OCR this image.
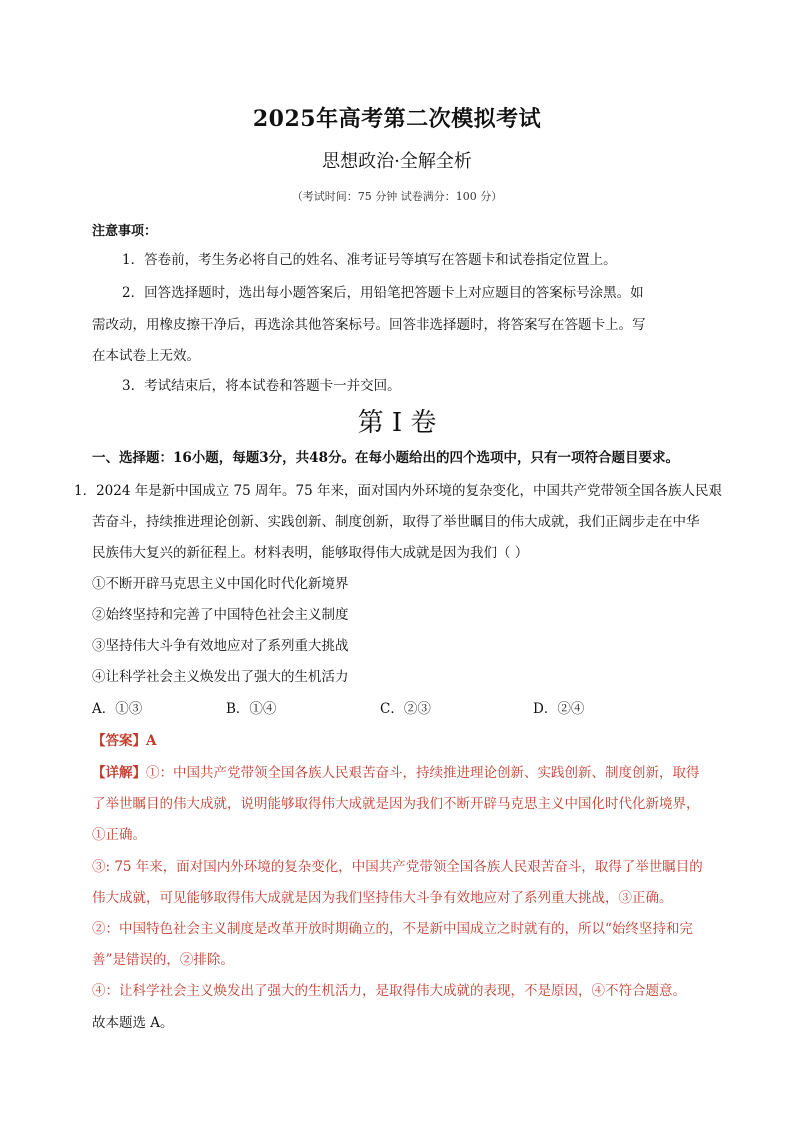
2025年高考第二次模拟考试
思想政治·全解全析
（考试时间：75 分钟 试卷满分：100 分）
注意事项：
1．答卷前，考生务必将自己的姓名、准考证号等填写在答题卡和试卷指定位置上。
2．回答选择题时，选出每小题答案后，用铅笔把答题卡上对应题目的答案标号涂黑。如
需改动，用橡皮擦干净后，再选涂其他答案标号。回答非选择题时，将答案写在答题卡上。写
在本试卷上无效。
3．考试结束后，将本试卷和答题卡一并交回。
第 I 卷
一、选择题：16小题，每题3分，共48分。在每小题给出的四个选项中，只有一项符合题目要求。
1．2024 年是新中国成立 75 周年。75 年来，面对国内外环境的复杂变化，中国共产党带领全国各族人民艰
苦奋斗，持续推进理论创新、实践创新、制度创新，取得了举世瞩目的伟大成就，我们正阔步走在中华
民族伟大复兴的新征程上。材料表明，能够取得伟大成就是因为我们（ ）
①不断开辟马克思主义中国化时代化新境界
②始终坚持和完善了中国特色社会主义制度
③坚持伟大斗争有效地应对了系列重大挑战
④让科学社会主义焕发出了强大的生机活力
A．①③	B．①④	C．②③	D．②④
【答案】A
【详解】①：中国共产党带领全国各族人民艰苦奋斗，持续推进理论创新、实践创新、制度创新，取得
了举世瞩目的伟大成就，说明能够取得伟大成就是因为我们不断开辟马克思主义中国化时代化新境界，
①正确。
③: 75 年来，面对国内外环境的复杂变化，中国共产党带领全国各族人民艰苦奋斗，取得了举世瞩目的
伟大成就，可见能够取得伟大成就是因为我们坚持伟大斗争有效地应对了系列重大挑战，③正确。
②：中国特色社会主义制度是改革开放时期确立的，不是新中国成立之时就有的，所以“始终坚持和完
善”是错误的，②排除。
④：让科学社会主义焕发出了强大的生机活力，是取得伟大成就的表现，不是原因，④不符合题意。
故本题选 A。
